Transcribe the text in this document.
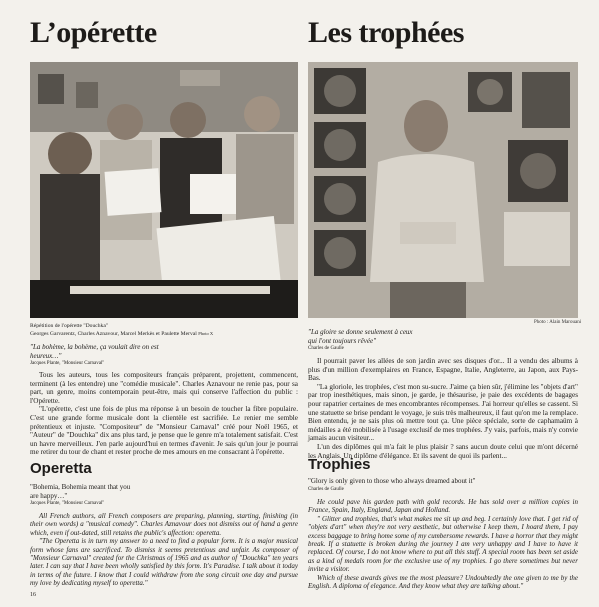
L’opérette
Répétition de l'opérette "Douchka"
Georges Garvarentz, Charles Aznavour, Marcel Merkès et Paulette Merval Photo X
"La bohème, la bohème, ça voulait dire on est heureux…"
Jacques Plante, "Monsieur Carnaval"

Tous les auteurs, tous les compositeurs français préparent, projettent, commencent, terminent (à les entendre) une "comédie musicale". Charles Aznavour ne renie pas, pour sa part, un genre, moins contemporain peut-être, mais qui conserve l'affection du public : l'Opérette.

"L'opérette, c'est une fois de plus ma réponse à un besoin de toucher la fibre populaire. C'est une grande forme musicale dont la clientèle est sacrifiée. Le renier me semble prétentieux et injuste. "Compositeur" de "Monsieur Carnaval" créé pour Noël 1965, et "Auteur" de "Douchka" dix ans plus tard, je pense que le genre m'a totalement satisfait. C'est un havre merveilleux. J'en parle aujourd'hui en termes d'avenir. Je sais qu'un jour je pourrai me retirer du tour de chant et rester proche de mes amours en me consacrant à l'opérette.

Operetta
"Bohemia, Bohemia meant that you are happy…"
Jacques Plante, "Monsieur Carnaval"

All French authors, all French composers are preparing, planning, starting, finishing (in their own words) a "musical comedy". Charles Aznavour does not dismiss out of hand a genre which, even if out-dated, still retains the public's affection: operetta.

"The Operetta is in turn my answer to a need to find a popular form. It is a major musical form whose fans are sacrificed. To dismiss it seems pretentious and unfair. As composer of "Monsieur Carnaval" created for the Christmas of 1965 and as author of "Douchka" ten years later. I can say that I have been wholly satisfied by this form. It's Paradise. I talk about it today in terms of the future. I know that I could withdraw from the song circuit one day and pursue my love by dedicating myself to operetta."

16
Les trophées
Photo : Alain Marouani
"La gloire se donne seulement à ceux qui l'ont toujours rêvée"
Charles de Gaulle

Il pourrait paver les allées de son jardin avec ses disques d'or... Il a vendu des albums à plus d'un million d'exemplaires en France, Espagne, Italie, Angleterre, au Japon, aux Pays-Bas.

"La gloriole, les trophées, c'est mon su-sucre. J'aime ça bien sûr, j'élimine les "objets d'art" par trop inesthétiques, mais sinon, je garde, je thésaurise, je paie des excédents de bagages pour rapatrier certaines de mes encombrantes récompenses. J'ai horreur qu'elles se cassent. Si une statuette se brise pendant le voyage, je suis très malheureux, il faut qu'on me la remplace. Bien entendu, je ne sais plus où mettre tout ça. Une pièce spéciale, sorte de caphamaüm à médailles a été mobilisée à l'usage exclusif de mes trophées. J'y vais, parfois, mais n'y convie jamais aucun visiteur...

L'un des diplômes qui m'a fait le plus plaisir ? sans aucun doute celui que m'ont décerné les Anglais. Un diplôme d'élégance. Et ils savent de quoi ils parlent...

Trophies
"Glory is only given to those who always dreamed about it"
Charles de Gaulle

He could pave his garden path with gold records. He has sold over a million copies in France, Spain, Italy, England, Japan and Holland.

" Glitter and trophies, that's what makes me sit up and beg. I certainly love that. I get rid of "objets d'art" when they're not very aesthetic, but otherwise I keep them, I hoard them, I pay excess baggage to bring home some of my cumbersome rewards. I have a horror that they might break. If a statuette is broken during the journey I am very unhappy and I have to have it replaced. Of course, I do not know where to put all this stuff. A special room has been set aside as a kind of medals room for the exclusive use of my trophies. I go there sometimes but never invite a visitor.

Which of these awards gives me the most pleasure? Undoubtedly the one given to me by the English. A diploma of elegance. And they know what they are talking about."
